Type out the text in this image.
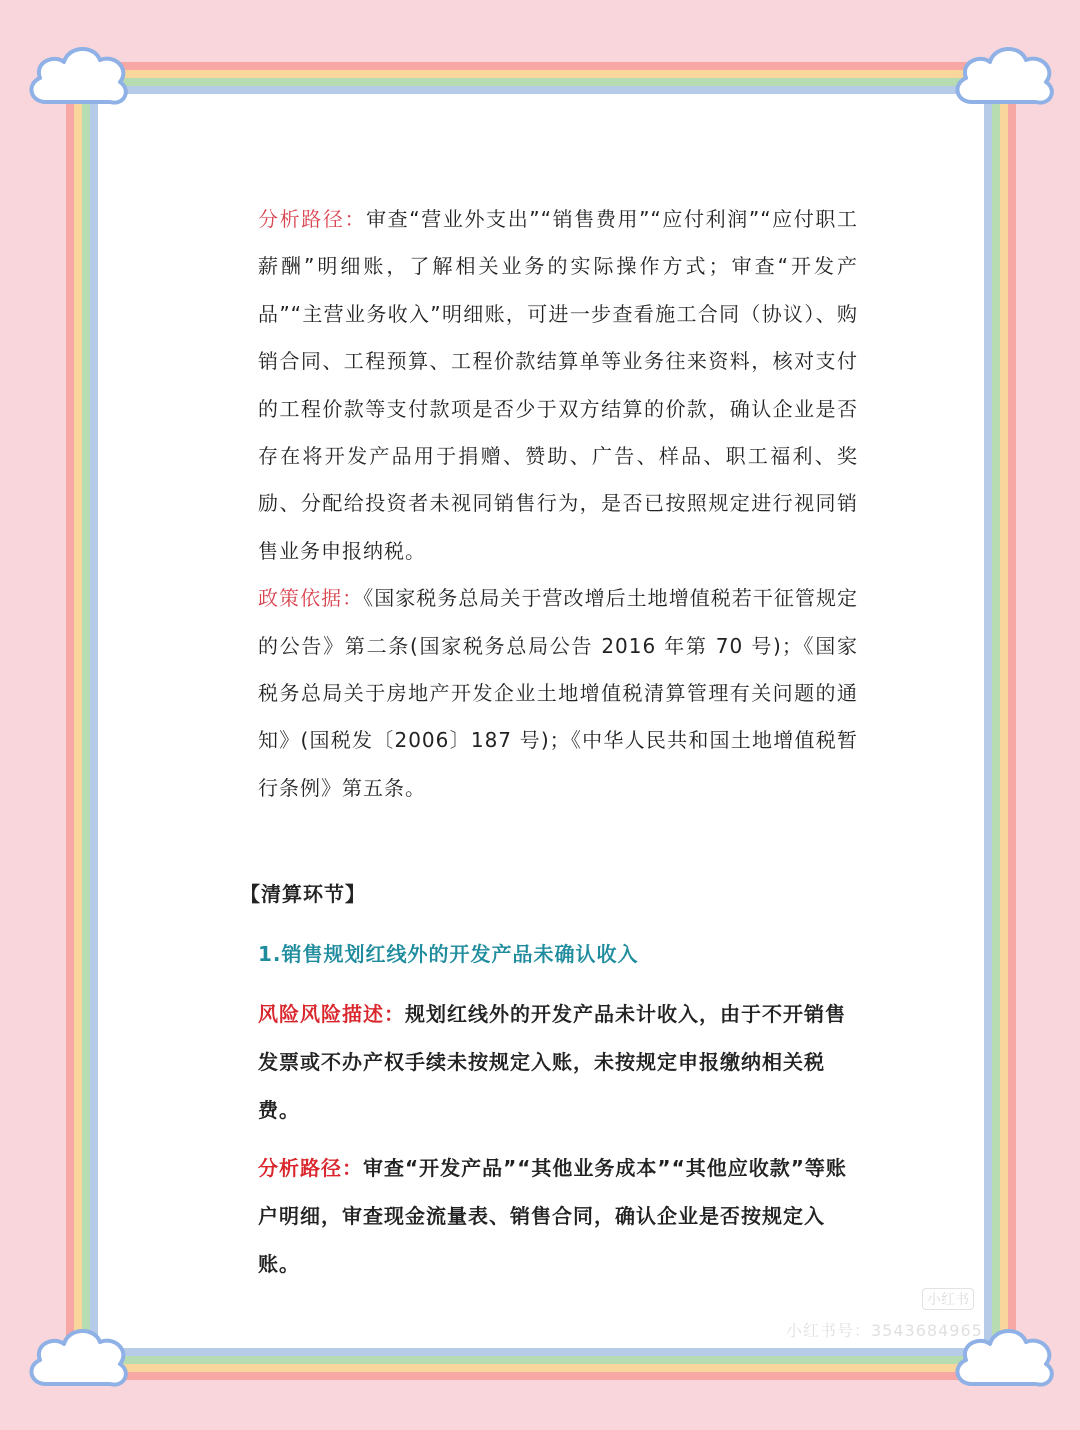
分析路径：审查“营业外支出”“销售费用”“应付利润”“应付职工薪酬”明细账，了解相关业务的实际操作方式；审查“开发产品”“主营业务收入”明细账，可进一步查看施工合同（协议）、购销合同、工程预算、工程价款结算单等业务往来资料，核对支付的工程价款等支付款项是否少于双方结算的价款，确认企业是否存在将开发产品用于捐赠、赞助、广告、样品、职工福利、奖励、分配给投资者未视同销售行为，是否已按照规定进行视同销售业务申报纳税。

政策依据：《国家税务总局关于营改增后土地增值税若干征管规定的公告》第二条(国家税务总局公告 2016 年第 70 号)；《国家税务总局关于房地产开发企业土地增值税清算管理有关问题的通知》(国税发〔2006〕187 号)；《中华人民共和国土地增值税暂行条例》第五条。

【清算环节】
1.销售规划红线外的开发产品未确认收入

风险风险描述：规划红线外的开发产品未计收入，由于不开销售发票或不办产权手续未按规定入账，未按规定申报缴纳相关税费。

分析路径：审查“开发产品”“其他业务成本”“其他应收款”等账户明细，审查现金流量表、销售合同，确认企业是否按规定入账。

小红书
小红书号：3543684965
